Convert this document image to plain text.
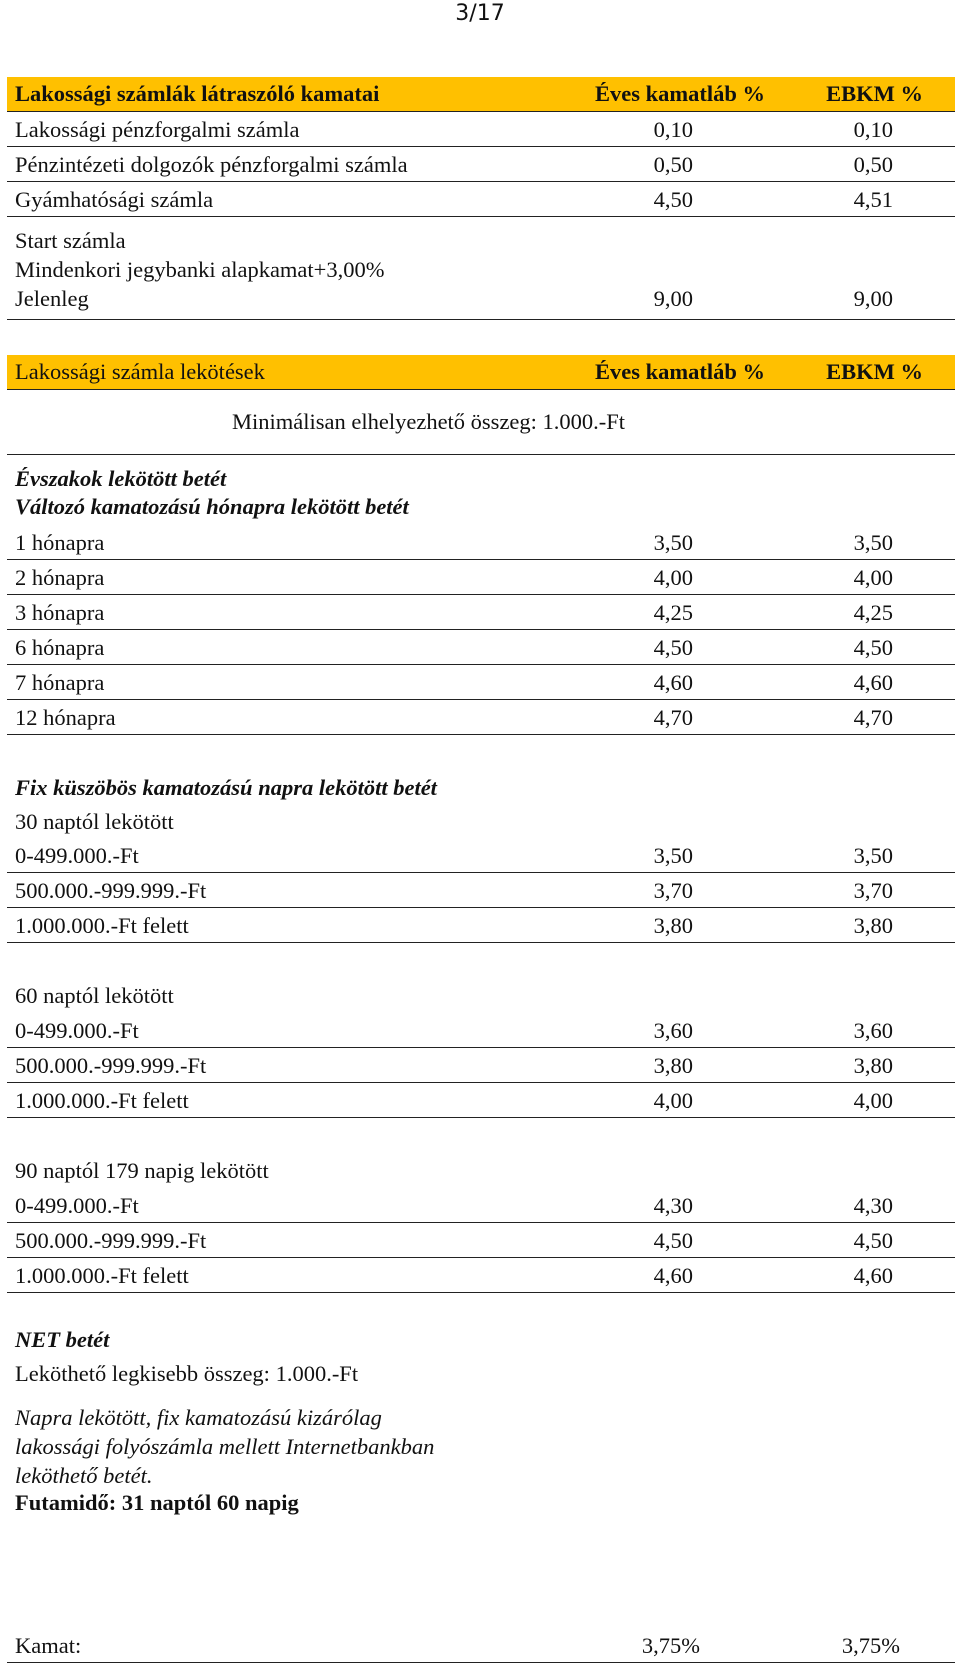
3/17
Lakossági számlák látraszóló kamatai	Éves kamatláb %	EBKM %
Lakossági pénzforgalmi számla	0,10	0,10
Pénzintézeti dolgozók pénzforgalmi számla	0,50	0,50
Gyámhatósági számla	4,50	4,51
Start számla
Mindenkori jegybanki alapkamat+3,00%
Jelenleg	9,00	9,00
Lakossági számla lekötések	Éves kamatláb %	EBKM %
Minimálisan elhelyezhető összeg: 1.000.-Ft
Évszakok lekötött betét
Változó kamatozású hónapra lekötött betét
1 hónapra	3,50	3,50
2 hónapra	4,00	4,00
3 hónapra	4,25	4,25
6 hónapra	4,50	4,50
7 hónapra	4,60	4,60
12 hónapra	4,70	4,70
Fix küszöbös kamatozású napra lekötött betét
30 naptól lekötött
0-499.000.-Ft	3,50	3,50
500.000.-999.999.-Ft	3,70	3,70
1.000.000.-Ft felett	3,80	3,80
60 naptól lekötött
0-499.000.-Ft	3,60	3,60
500.000.-999.999.-Ft	3,80	3,80
1.000.000.-Ft felett	4,00	4,00
90 naptól 179 napig lekötött
0-499.000.-Ft	4,30	4,30
500.000.-999.999.-Ft	4,50	4,50
1.000.000.-Ft felett	4,60	4,60
NET betét
Leköthető legkisebb összeg: 1.000.-Ft
Napra lekötött, fix kamatozású kizárólag
lakossági folyószámla mellett Internetbankban
leköthető betét.
Futamidő: 31 naptól 60 napig
Kamat:	3,75%	3,75%
